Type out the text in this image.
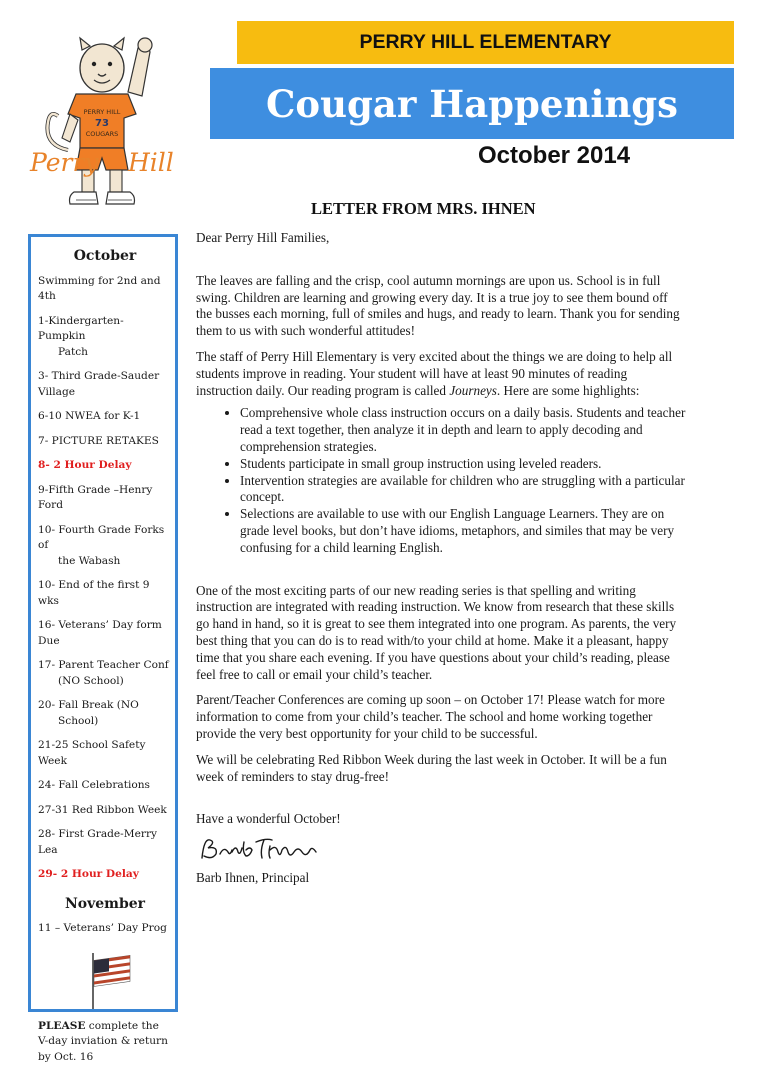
PERRY HILL
73
COUGARS
Perry Hill
PERRY HILL ELEMENTARY
Cougar Happenings
October 2014
October
Swimming for 2nd and 4th
1-Kindergarten- Pumpkin
Patch
3- Third Grade-Sauder Village
6-10 NWEA for K-1
7- PICTURE RETAKES
8- 2 Hour Delay
9-Fifth Grade –Henry Ford
10- Fourth Grade Forks of
the Wabash
10- End of the first 9 wks
16- Veterans’ Day form Due
17- Parent Teacher Conf
(NO School)
20- Fall Break (NO
School)
21-25 School Safety Week
24- Fall Celebrations
27-31 Red Ribbon Week
28- First Grade-Merry Lea
29- 2 Hour Delay
November
11 – Veterans’ Day Prog
PLEASE complete the V-day inviation & return by Oct. 16
LETTER FROM MRS. IHNEN

Dear Perry Hill Families,

The leaves are falling and the crisp, cool autumn mornings are upon us. School is in full swing. Children are learning and growing every day. It is a true joy to see them bound off the busses each morning, full of smiles and hugs, and ready to learn. Thank you for sending them to us with such wonderful attitudes!

The staff of Perry Hill Elementary is very excited about the things we are doing to help all students improve in reading. Your student will have at least 90 minutes of reading instruction daily. Our reading program is called Journeys. Here are some highlights:

• Comprehensive whole class instruction occurs on a daily basis. Students and teacher read a text together, then analyze it in depth and learn to apply decoding and comprehension strategies.
• Students participate in small group instruction using leveled readers.
• Intervention strategies are available for children who are struggling with a particular concept.
• Selections are available to use with our English Language Learners. They are on grade level books, but don’t have idioms, metaphors, and similes that may be very confusing for a child learning English.

One of the most exciting parts of our new reading series is that spelling and writing instruction are integrated with reading instruction. We know from research that these skills go hand in hand, so it is great to see them integrated into one program. As parents, the very best thing that you can do is to read with/to your child at home. Make it a pleasant, happy time that you share each evening. If you have questions about your child’s reading, please feel free to call or email your child’s teacher.

Parent/Teacher Conferences are coming up soon – on October 17! Please watch for more information to come from your child’s teacher. The school and home working together provide the very best opportunity for your child to be successful.

We will be celebrating Red Ribbon Week during the last week in October. It will be a fun week of reminders to stay drug-free!

Have a wonderful October!

Barb Ihnen, Principal
